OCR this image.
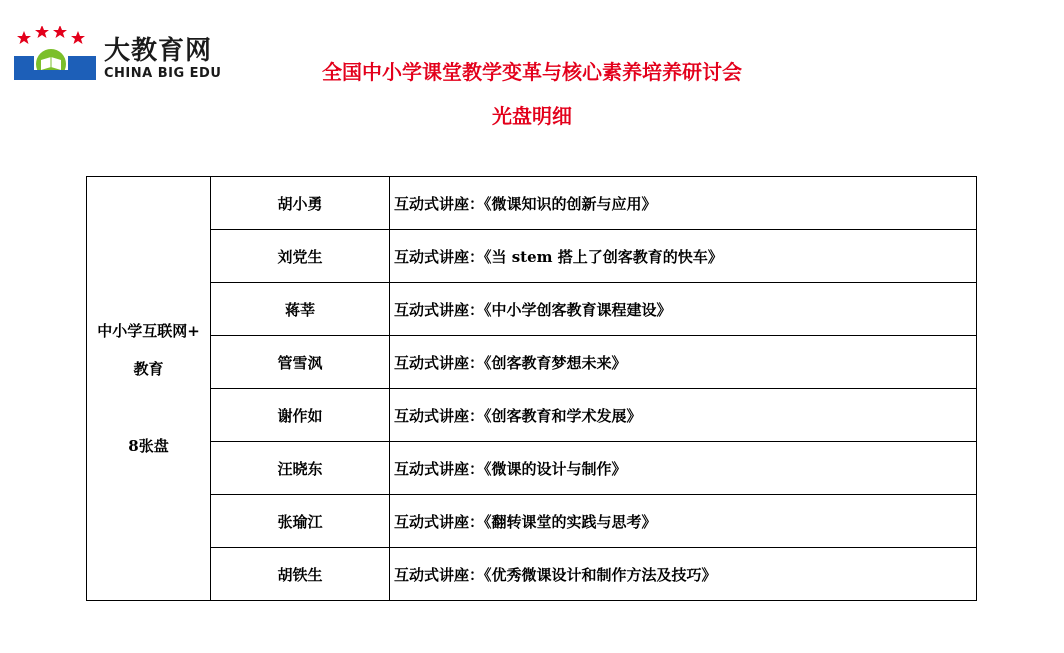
大教育网
CHINA BIG EDU	全国中小学课堂教学变革与核心素养培养研讨会
光盘明细
中小学互联网+
教育

8张盘	胡小勇	互动式讲座：《微课知识的创新与应用》
	刘党生	互动式讲座：《当 stem 搭上了创客教育的快车》
	蒋莘	互动式讲座：《中小学创客教育课程建设》
	管雪沨	互动式讲座：《创客教育梦想未来》
	谢作如	互动式讲座：《创客教育和学术发展》
	汪晓东	互动式讲座：《微课的设计与制作》
	张瑜江	互动式讲座：《翻转课堂的实践与思考》
	胡铁生	互动式讲座：《优秀微课设计和制作方法及技巧》
